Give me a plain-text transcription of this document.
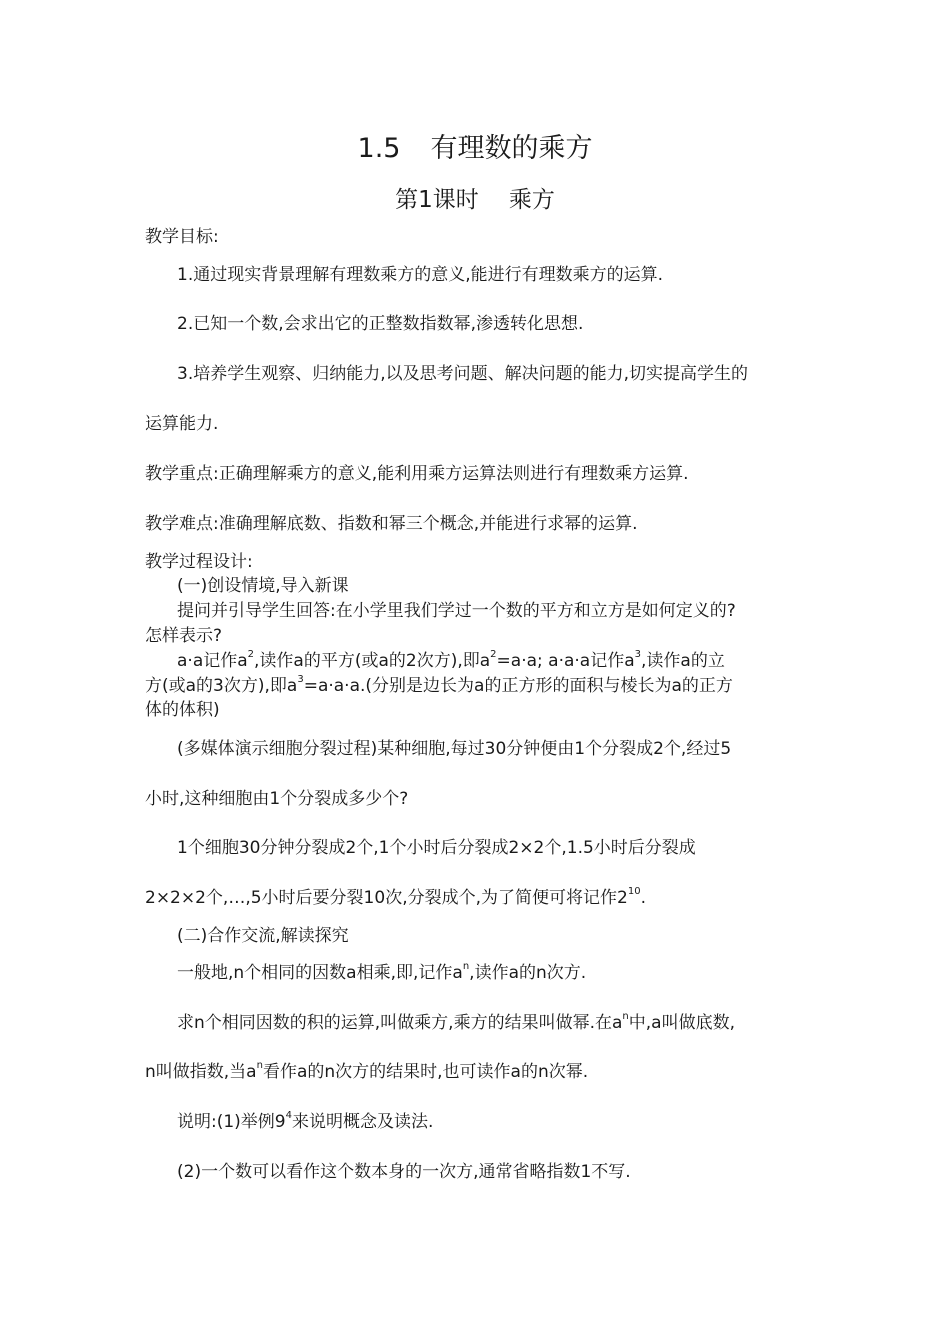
1.5 有理数的乘方
第1课时 乘方
教学目标:
1.通过现实背景理解有理数乘方的意义,能进行有理数乘方的运算.
2.已知一个数,会求出它的正整数指数幂,渗透转化思想.
3.培养学生观察、归纳能力,以及思考问题、解决问题的能力,切实提高学生的
运算能力.
教学重点:正确理解乘方的意义,能利用乘方运算法则进行有理数乘方运算.
教学难点:准确理解底数、指数和幂三个概念,并能进行求幂的运算.
教学过程设计:
(一)创设情境,导入新课
提问并引导学生回答:在小学里我们学过一个数的平方和立方是如何定义的?
怎样表示?
a·a记作$a^2$,读作a的平方(或a的2次方),即$a^2=a\cdot a$; a·a·a记作$a^3$,读作a的立
方(或a的3次方),即$a^3=a\cdot a\cdot a$.(分别是边长为a的正方形的面积与棱长为a的正方
体的体积)
(多媒体演示细胞分裂过程)某种细胞,每过30分钟便由1个分裂成2个,经过5
小时,这种细胞由1个分裂成多少个?
1个细胞30分钟分裂成2个,1个小时后分裂成2×2个,1.5小时后分裂成
2×2×2个,…,5小时后要分裂10次,分裂成个,为了简便可将记作$2^{10}$.
(二)合作交流,解读探究
一般地,n个相同的因数a相乘,即,记作$a^n$,读作a的n次方.
求n个相同因数的积的运算,叫做乘方,乘方的结果叫做幂.在$a^n$中,a叫做底数,
n叫做指数,当$a^n$看作a的n次方的结果时,也可读作a的n次幂.
说明:(1)举例$9^4$来说明概念及读法.
(2)一个数可以看作这个数本身的一次方,通常省略指数1不写.
